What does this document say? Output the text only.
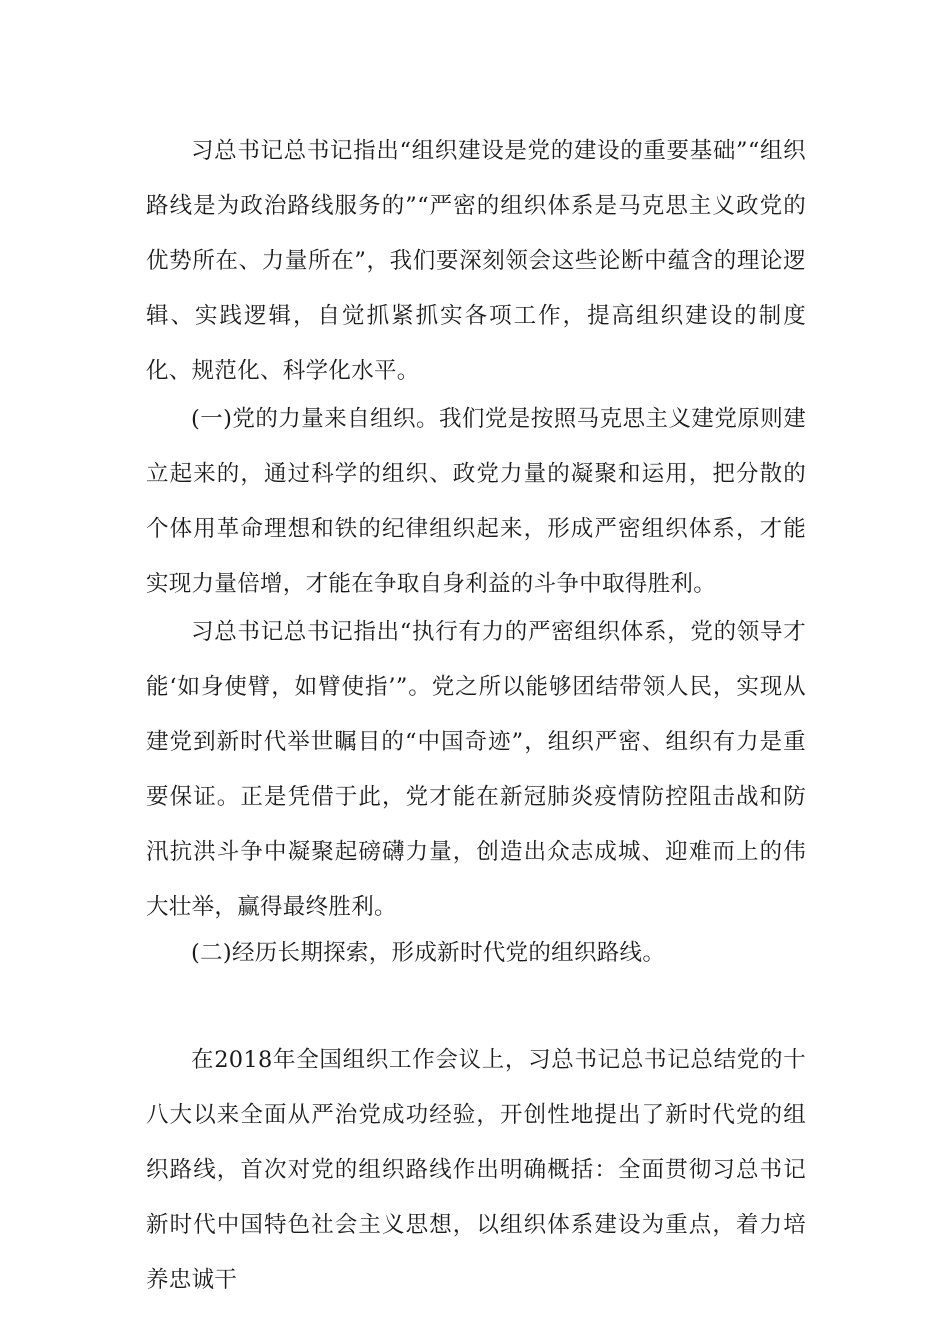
习总书记总书记指出“组织建设是党的建设的重要基础”“组织路线是为政治路线服务的”“严密的组织体系是马克思主义政党的优势所在、力量所在”，我们要深刻领会这些论断中蕴含的理论逻辑、实践逻辑，自觉抓紧抓实各项工作，提高组织建设的制度化、规范化、科学化水平。

(一)党的力量来自组织。我们党是按照马克思主义建党原则建立起来的，通过科学的组织、政党力量的凝聚和运用，把分散的个体用革命理想和铁的纪律组织起来，形成严密组织体系，才能实现力量倍增，才能在争取自身利益的斗争中取得胜利。

习总书记总书记指出“执行有力的严密组织体系，党的领导才能‘如身使臂，如臂使指’”。党之所以能够团结带领人民，实现从建党到新时代举世瞩目的“中国奇迹”，组织严密、组织有力是重要保证。正是凭借于此，党才能在新冠肺炎疫情防控阻击战和防汛抗洪斗争中凝聚起磅礴力量，创造出众志成城、迎难而上的伟大壮举，赢得最终胜利。

(二)经历长期探索，形成新时代党的组织路线。

在2018年全国组织工作会议上，习总书记总书记总结党的十八大以来全面从严治党成功经验，开创性地提出了新时代党的组织路线，首次对党的组织路线作出明确概括：全面贯彻习总书记新时代中国特色社会主义思想，以组织体系建设为重点，着力培养忠诚干
